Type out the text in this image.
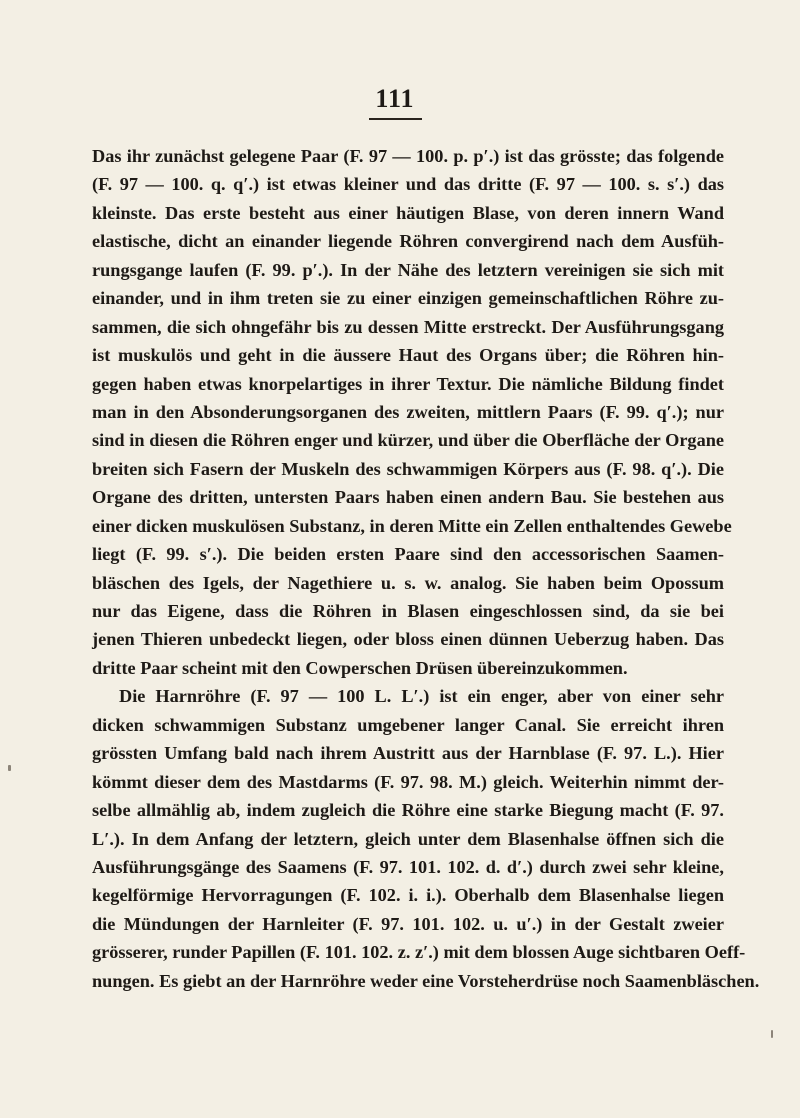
111
Das ihr zunächst gelegene Paar (F. 97 — 100. p. p′.) ist das grösste; das folgende
(F. 97 — 100. q. q′.) ist etwas kleiner und das dritte (F. 97 — 100. s. s′.) das
kleinste. Das erste besteht aus einer häutigen Blase, von deren innern Wand
elastische, dicht an einander liegende Röhren convergirend nach dem Ausfüh-
rungsgange laufen (F. 99. p′.). In der Nähe des letztern vereinigen sie sich mit
einander, und in ihm treten sie zu einer einzigen gemeinschaftlichen Röhre zu-
sammen, die sich ohngefähr bis zu dessen Mitte erstreckt. Der Ausführungsgang
ist muskulös und geht in die äussere Haut des Organs über; die Röhren hin-
gegen haben etwas knorpelartiges in ihrer Textur. Die nämliche Bildung findet
man in den Absonderungsorganen des zweiten, mittlern Paars (F. 99. q′.); nur
sind in diesen die Röhren enger und kürzer, und über die Oberfläche der Organe
breiten sich Fasern der Muskeln des schwammigen Körpers aus (F. 98. q′.). Die
Organe des dritten, untersten Paars haben einen andern Bau. Sie bestehen aus
einer dicken muskulösen Substanz, in deren Mitte ein Zellen enthaltendes Gewebe
liegt (F. 99. s′.). Die beiden ersten Paare sind den accessorischen Saamen-
bläschen des Igels, der Nagethiere u. s. w. analog. Sie haben beim Opossum
nur das Eigene, dass die Röhren in Blasen eingeschlossen sind, da sie bei
jenen Thieren unbedeckt liegen, oder bloss einen dünnen Ueberzug haben. Das
dritte Paar scheint mit den Cowperschen Drüsen übereinzukommen.
Die Harnröhre (F. 97 — 100 L. L′.) ist ein enger, aber von einer sehr
dicken schwammigen Substanz umgebener langer Canal. Sie erreicht ihren
grössten Umfang bald nach ihrem Austritt aus der Harnblase (F. 97. L.). Hier
kömmt dieser dem des Mastdarms (F. 97. 98. M.) gleich. Weiterhin nimmt der-
selbe allmählig ab, indem zugleich die Röhre eine starke Biegung macht (F. 97.
L′.). In dem Anfang der letztern, gleich unter dem Blasenhalse öffnen sich die
Ausführungsgänge des Saamens (F. 97. 101. 102. d. d′.) durch zwei sehr kleine,
kegelförmige Hervorragungen (F. 102. i. i.). Oberhalb dem Blasenhalse liegen
die Mündungen der Harnleiter (F. 97. 101. 102. u. u′.) in der Gestalt zweier
grösserer, runder Papillen (F. 101. 102. z. z′.) mit dem blossen Auge sichtbaren Oeff-
nungen. Es giebt an der Harnröhre weder eine Vorsteherdrüse noch Saamenbläschen.
